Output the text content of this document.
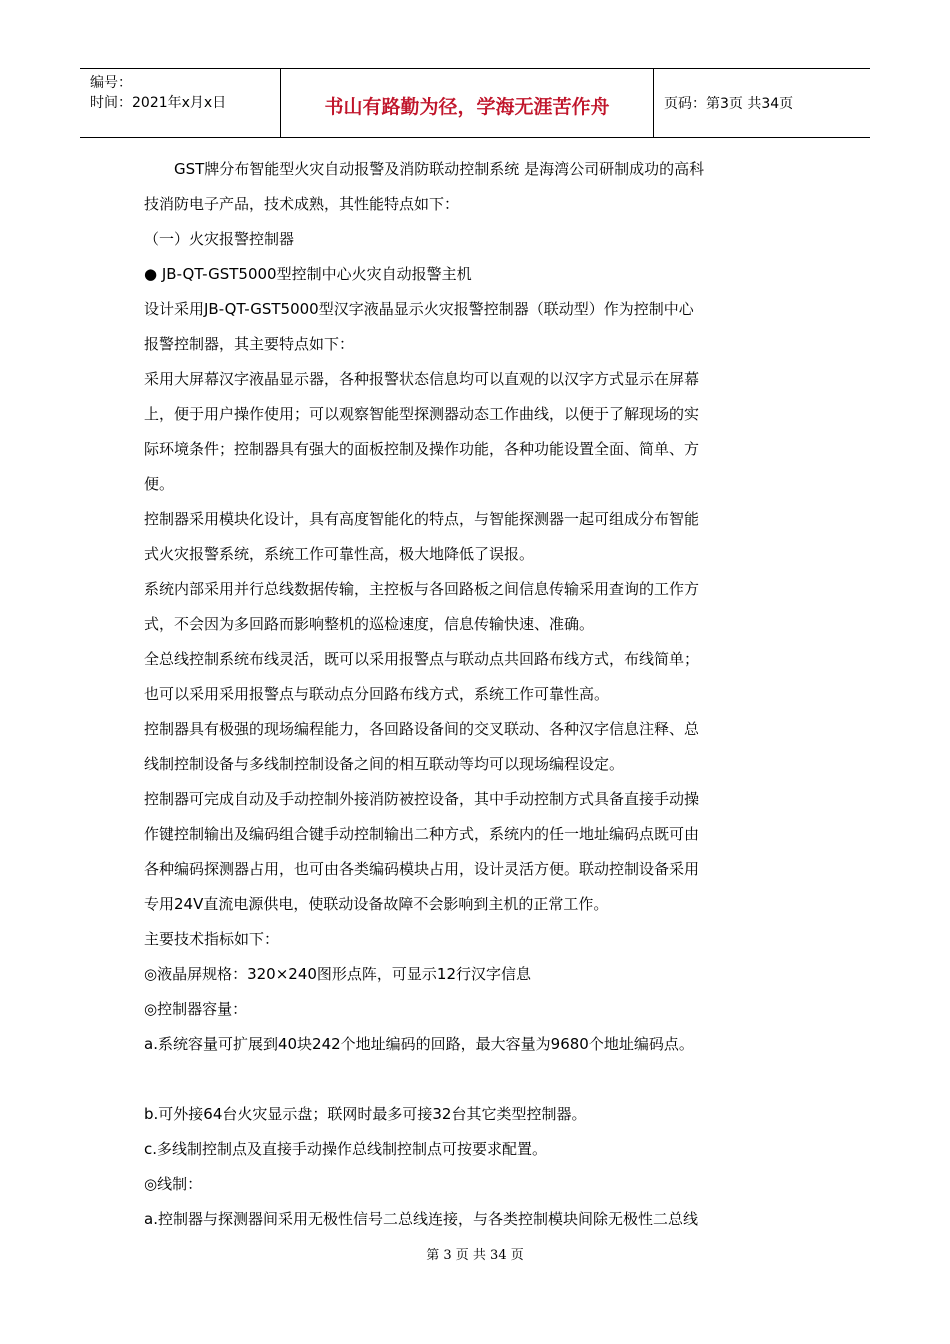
编号：
时间：2021年x月x日	书山有路勤为径，学海无涯苦作舟	页码：第3页 共34页

GST牌分布智能型火灾自动报警及消防联动控制系统 是海湾公司研制成功的高科

技消防电子产品，技术成熟，其性能特点如下：

（一）火灾报警控制器

● JB-QT-GST5000型控制中心火灾自动报警主机

设计采用JB-QT-GST5000型汉字液晶显示火灾报警控制器（联动型）作为控制中心

报警控制器，其主要特点如下：

采用大屏幕汉字液晶显示器，各种报警状态信息均可以直观的以汉字方式显示在屏幕

上，便于用户操作使用；可以观察智能型探测器动态工作曲线，以便于了解现场的实

际环境条件；控制器具有强大的面板控制及操作功能，各种功能设置全面、简单、方

便。

控制器采用模块化设计，具有高度智能化的特点，与智能探测器一起可组成分布智能

式火灾报警系统，系统工作可靠性高，极大地降低了误报。

系统内部采用并行总线数据传输，主控板与各回路板之间信息传输采用查询的工作方

式，不会因为多回路而影响整机的巡检速度，信息传输快速、准确。

全总线控制系统布线灵活，既可以采用报警点与联动点共回路布线方式，布线简单；

也可以采用采用报警点与联动点分回路布线方式，系统工作可靠性高。

控制器具有极强的现场编程能力，各回路设备间的交叉联动、各种汉字信息注释、总

线制控制设备与多线制控制设备之间的相互联动等均可以现场编程设定。

控制器可完成自动及手动控制外接消防被控设备，其中手动控制方式具备直接手动操

作键控制输出及编码组合键手动控制输出二种方式，系统内的任一地址编码点既可由

各种编码探测器占用，也可由各类编码模块占用，设计灵活方便。联动控制设备采用

专用24V直流电源供电，使联动设备故障不会影响到主机的正常工作。

主要技术指标如下：

◎液晶屏规格：320×240图形点阵，可显示12行汉字信息

◎控制器容量：

a.系统容量可扩展到40块242个地址编码的回路，最大容量为9680个地址编码点。

b.可外接64台火灾显示盘；联网时最多可接32台其它类型控制器。

c.多线制控制点及直接手动操作总线制控制点可按要求配置。

◎线制：

a.控制器与探测器间采用无极性信号二总线连接，与各类控制模块间除无极性二总线

第 3 页 共 34 页
